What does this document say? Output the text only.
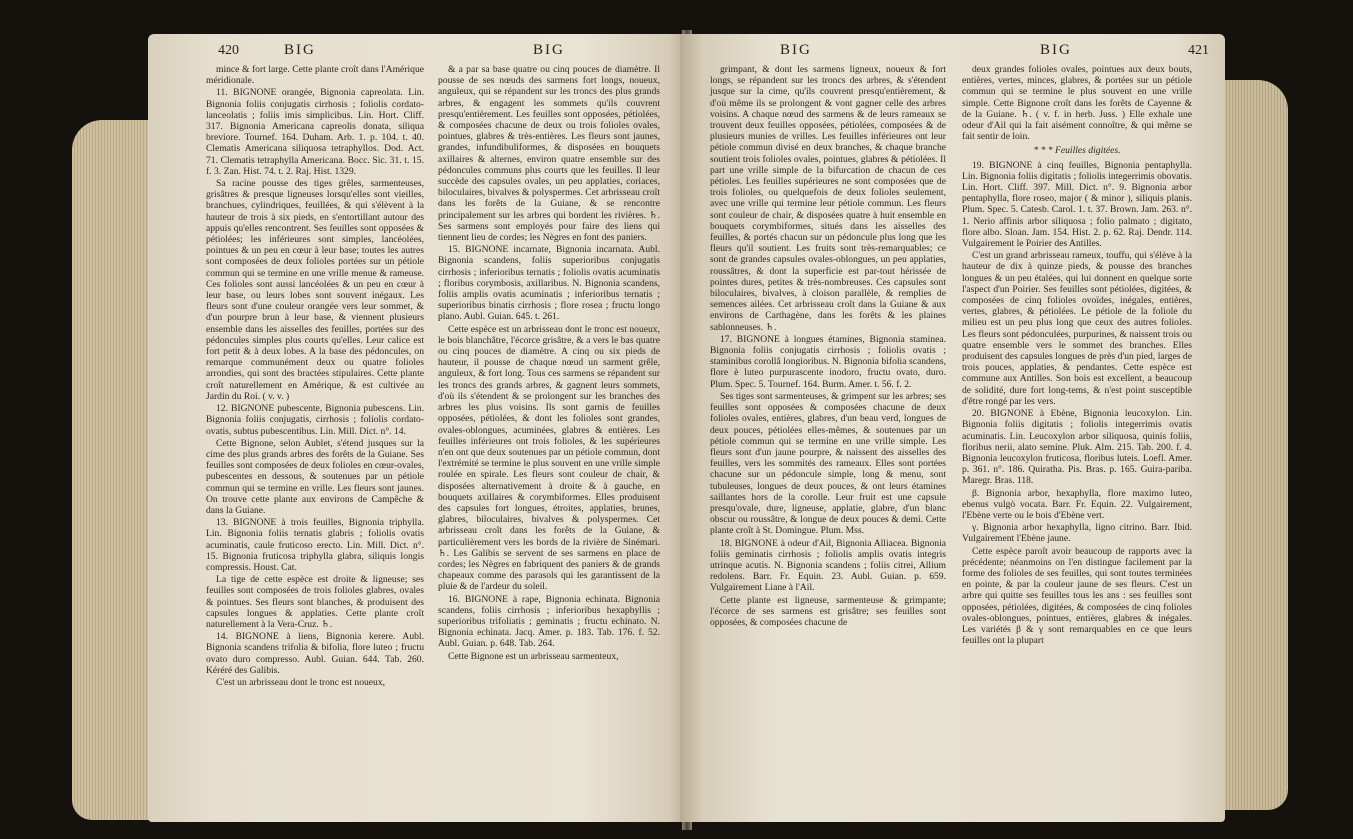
420	BIG	BIG

mince & fort large. Cette plante croît dans l'Amérique méridionale.

11. BIGNONE orangée, Bignonia capreolata. Lin. Bignonia foliis conjugatis cirrhosis ; foliolis cordato-lanceolatis ; foliis imis simplicibus. Lin. Hort. Cliff. 317. Bignonia Americana capreolis donata, siliqua breviore. Tournef. 164. Duham. Arb. 1. p. 104. t. 40. Clematis Americana siliquosa tetraphyllos. Dod. Act. 71. Clematis tetraphylla Americana. Bocc. Sic. 31. t. 15. f. 3. Zan. Hist. 74. t. 2. Raj. Hist. 1329.

Sa racine pousse des tiges grêles, sarmenteuses, grisâtres & presque ligneuses lorsqu'elles sont vieilles, branchues, cylindriques, feuillées, & qui s'élèvent à la hauteur de trois à six pieds, en s'entortillant autour des appuis qu'elles rencontrent. Ses feuilles sont opposées & pétiolées; les inférieures sont simples, lancéolées, pointues & un peu en cœur à leur base; toutes les autres sont composées de deux folioles portées sur un pétiole commun qui se termine en une vrille menue & rameuse. Ces folioles sont aussi lancéolées & un peu en cœur à leur base, ou leurs lobes sont souvent inégaux. Les fleurs sont d'une couleur orangée vers leur sommet, & d'un pourpre brun à leur base, & viennent plusieurs ensemble dans les aisselles des feuilles, portées sur des pédoncules simples plus courts qu'elles. Leur calice est fort petit & à deux lobes. A la base des pédoncules, on remarque communément deux ou quatre folioles arrondies, qui sont des bractées stipulaires. Cette plante croît naturellement en Amérique, & est cultivée au Jardin du Roi. ( v. v. )

12. BIGNONE pubescente, Bignonia pubescens. Lin. Bignonia foliis conjugatis, cirrhosis ; foliolis cordato-ovatis, subtus pubescentibus. Lin. Mill. Dict. n°. 14.

Cette Bignone, selon Aublet, s'étend jusques sur la cime des plus grands arbres des forêts de la Guiane. Ses feuilles sont composées de deux folioles en cœur-ovales, pubescentes en dessous, & soutenues par un pétiole commun qui se termine en vrille. Les fleurs sont jaunes. On trouve cette plante aux environs de Campêche & dans la Guiane.

13. BIGNONE à trois feuilles, Bignonia triphylla. Lin. Bignonia foliis ternatis glabris ; foliolis ovatis acuminatis, caule fruticoso erecto. Lin. Mill. Dict. n°. 15. Bignonia fruticosa triphylla glabra, siliquis longis compressis. Houst. Cat.

La tige de cette espèce est droite & ligneuse; ses feuilles sont composées de trois folioles glabres, ovales & pointues. Ses fleurs sont blanches, & produisent des capsules longues & applaties. Cette plante croît naturellement à la Vera-Cruz. ♄.

14. BIGNONE à liens, Bignonia kerere. Aubl. Bignonia scandens trifolia & bifolia, flore luteo ; fructu ovato duro compresso. Aubl. Guian. 644. Tab. 260. Kéréré des Galibis.

C'est un arbrisseau dont le tronc est noueux,

& a par sa base quatre ou cinq pouces de diamètre. Il pousse de ses nœuds des sarmens fort longs, noueux, anguleux, qui se répandent sur les troncs des plus grands arbres, & engagent les sommets qu'ils couvrent presqu'entièrement. Les feuilles sont opposées, pétiolées, & composées chacune de deux ou trois folioles ovales, pointues, glabres & très-entières. Les fleurs sont jaunes, grandes, infundibuliformes, & disposées en bouquets axillaires & alternes, environ quatre ensemble sur des pédoncules communs plus courts que les feuilles. Il leur succède des capsules ovales, un peu applaties, coriaces, biloculaires, bivalves & polyspermes. Cet arbrisseau croît dans les forêts de la Guiane, & se rencontre principalement sur les arbres qui bordent les rivières. ♄. Ses sarmens sont employés pour faire des liens qui tiennent lieu de cordes; les Nègres en font des paniers.

15. BIGNONE incarnate, Bignonia incarnata. Aubl. Bignonia scandens, foliis superioribus conjugatis cirrhosis ; inferioribus ternatis ; foliolis ovatis acuminatis ; floribus corymbosis, axillaribus. N. Bignonia scandens, foliis amplis ovatis acuminatis ; inferioribus ternatis ; superioribus binatis cirrhosis ; flore rosea ; fructu longo plano. Aubl. Guian. 645. t. 261.

Cette espèce est un arbrisseau dont le tronc est noueux, le bois blanchâtre, l'écorce grisâtre, & a vers le bas quatre ou cinq pouces de diamètre. A cinq ou six pieds de hauteur, il pousse de chaque nœud un sarment grêle, anguleux, & fort long. Tous ces sarmens se répandent sur les troncs des grands arbres, & gagnent leurs sommets, d'où ils s'étendent & se prolongent sur les branches des arbres les plus voisins. Ils sont garnis de feuilles opposées, pétiolées, & dont les folioles sont grandes, ovales-oblongues, acuminées, glabres & entières. Les feuilles inférieures ont trois folioles, & les supérieures n'en ont que deux soutenues par un pétiole commun, dont l'extrémité se termine le plus souvent en une vrille simple roulée en spirale. Les fleurs sont couleur de chair, & disposées alternativement à droite & à gauche, en bouquets axillaires & corymbiformes. Elles produisent des capsules fort longues, étroites, applaties, brunes, glabres, biloculaires, bivalves & polyspermes. Cet arbrisseau croît dans les forêts de la Guiane, & particulièrement vers les bords de la rivière de Sinémari. ♄. Les Galibis se servent de ses sarmens en place de cordes; les Nègres en fabriquent des paniers & de grands chapeaux comme des parasols qui les garantissent de la pluie & de l'ardeur du soleil.

16. BIGNONE à rape, Bignonia echinata. Bignonia scandens, foliis cirrhosis ; inferioribus hexaphyllis ; superioribus trifoliatis ; geminatis ; fructu echinato. N. Bignonia echinata. Jacq. Amer. p. 183. Tab. 176. f. 52. Aubl. Guian. p. 648. Tab. 264.

Cette Bignone est un arbrisseau sarmenteux,

BIG	BIG	421

grimpant, & dont les sarmens ligneux, noueux & fort longs, se répandent sur les troncs des arbres, & s'étendent jusque sur la cime, qu'ils couvrent presqu'entièrement, & d'où même ils se prolongent & vont gagner celle des arbres voisins. A chaque nœud des sarmens & de leurs rameaux se trouvent deux feuilles opposées, pétiolées, composées & de plusieurs munies de vrilles. Les feuilles inférieures ont leur pétiole commun divisé en deux branches, & chaque branche soutient trois folioles ovales, pointues, glabres & pétiolées. Il part une vrille simple de la bifurcation de chacun de ces pétioles. Les feuilles supérieures ne sont composées que de trois folioles, ou quelquefois de deux folioles seulement, avec une vrille qui termine leur pétiole commun. Les fleurs sont couleur de chair, & disposées quatre à huit ensemble en bouquets corymbiformes, situés dans les aisselles des feuilles, & portés chacun sur un pédoncule plus long que les fleurs qu'il soutient. Les fruits sont très-remarquables; ce sont de grandes capsules ovales-oblongues, un peu applaties, roussâtres, & dont la superficie est par-tout hérissée de pointes dures, petites & très-nombreuses. Ces capsules sont biloculaires, bivalves, à cloison parallèle, & remplies de semences ailées. Cet arbrisseau croît dans la Guiane & aux environs de Carthagène, dans les forêts & les plaines sablonneuses. ♄.

17. BIGNONE à longues étamines, Bignonia staminea. Bignonia foliis conjugatis cirrhosis ; foliolis ovatis ; staminibus corollâ longioribus. N. Bignonia bifolia scandens, flore è luteo purpurascente inodoro, fructu ovato, duro. Plum. Spec. 5. Tournef. 164. Burm. Amer. t. 56. f. 2.

Ses tiges sont sarmenteuses, & grimpent sur les arbres; ses feuilles sont opposées & composées chacune de deux folioles ovales, entières, glabres, d'un beau verd, longues de deux pouces, pétiolées elles-mêmes, & soutenues par un pétiole commun qui se termine en une vrille simple. Les fleurs sont d'un jaune pourpre, & naissent des aisselles des feuilles, vers les sommités des rameaux. Elles sont portées chacune sur un pédoncule simple, long & menu, sont tubuleuses, longues de deux pouces, & ont leurs étamines saillantes hors de la corolle. Leur fruit est une capsule presqu'ovale, dure, ligneuse, applatie, glabre, d'un blanc obscur ou roussâtre, & longue de deux pouces & demi. Cette plante croît à St. Domingue. Plum. Mss.

18. BIGNONE à odeur d'Ail, Bignonia Alliacea. Bignonia foliis geminatis cirrhosis ; foliolis amplis ovatis integris utrinque acutis. N. Bignonia scandens ; foliis citrei, Allium redolens. Barr. Fr. Equin. 23. Aubl. Guian. p. 659. Vulgairement Liane à l'Ail.

Cette plante est ligneuse, sarmenteuse & grimpante; l'écorce de ses sarmens est grisâtre; ses feuilles sont opposées, & composées chacune de

deux grandes folioles ovales, pointues aux deux bouts, entières, vertes, minces, glabres, & portées sur un pétiole commun qui se termine le plus souvent en une vrille simple. Cette Bignone croît dans les forêts de Cayenne & de la Guiane. ♄. ( v. f. in herb. Juss. ) Elle exhale une odeur d'Ail qui la fait aisément connoître, & qui même se fait sentir de loin.

* * * Feuilles digitées.

19. BIGNONE à cinq feuilles, Bignonia pentaphylla. Lin. Bignonia foliis digitatis ; foliolis integerrimis obovatis. Lin. Hort. Cliff. 397. Mill. Dict. n°. 9. Bignonia arbor pentaphylla, flore roseo, major ( & minor ), siliquis planis. Plum. Spec. 5. Catesb. Carol. 1. t. 37. Brown. Jam. 263. n°. 1. Nerio affinis arbor siliquosa ; folio palmato ; digitato, flore albo. Sloan. Jam. 154. Hist. 2. p. 62. Raj. Dendr. 114. Vulgairement le Poirier des Antilles.

C'est un grand arbrisseau rameux, touffu, qui s'élève à la hauteur de dix à quinze pieds, & pousse des branches longues & un peu étalées, qui lui donnent en quelque sorte l'aspect d'un Poirier. Ses feuilles sont pétiolées, digitées, & composées de cinq folioles ovoïdes, inégales, entières, vertes, glabres, & pétiolées. Le pétiole de la foliole du milieu est un peu plus long que ceux des autres folioles. Les fleurs sont pédonculées, purpurines, & naissent trois ou quatre ensemble vers le sommet des branches. Elles produisent des capsules longues de près d'un pied, larges de trois pouces, applaties, & pendantes. Cette espèce est commune aux Antilles. Son bois est excellent, a beaucoup de solidité, dure fort long-tems, & n'est point susceptible d'être rongé par les vers.

20. BIGNONE à Ebène, Bignonia leucoxylon. Lin. Bignonia foliis digitatis ; foliolis integerrimis ovatis acuminatis. Lin. Leucoxylon arbor siliquosa, quinis foliis, floribus nerii, alato semine. Pluk. Alm. 215. Tab. 200. f. 4. Bignonia leucoxylon fruticosa, floribus luteis. Loefl. Amer. p. 361. n°. 186. Quiratha. Pis. Bras. p. 165. Guira-pariba. Maregr. Bras. 118.

β. Bignonia arbor, hexaphylla, flore maximo luteo, ebenus vulgò vocata. Barr. Fr. Equin. 22. Vulgairement, l'Ebène verte ou le bois d'Ebène vert.

γ. Bignonia arbor hexaphylla, ligno citrino. Barr. Ibid. Vulgairement l'Ebène jaune.

Cette espèce paroît avoir beaucoup de rapports avec la précédente; néanmoins on l'en distingue facilement par la forme des folioles de ses feuilles, qui sont toutes terminées en pointe, & par la couleur jaune de ses fleurs. C'est un arbre qui quitte ses feuilles tous les ans : ses feuilles sont opposées, pétiolées, digitées, & composées de cinq folioles ovales-oblongues, pointues, entières, glabres & inégales. Les variétés β & γ sont remarquables en ce que leurs feuilles ont la plupart
